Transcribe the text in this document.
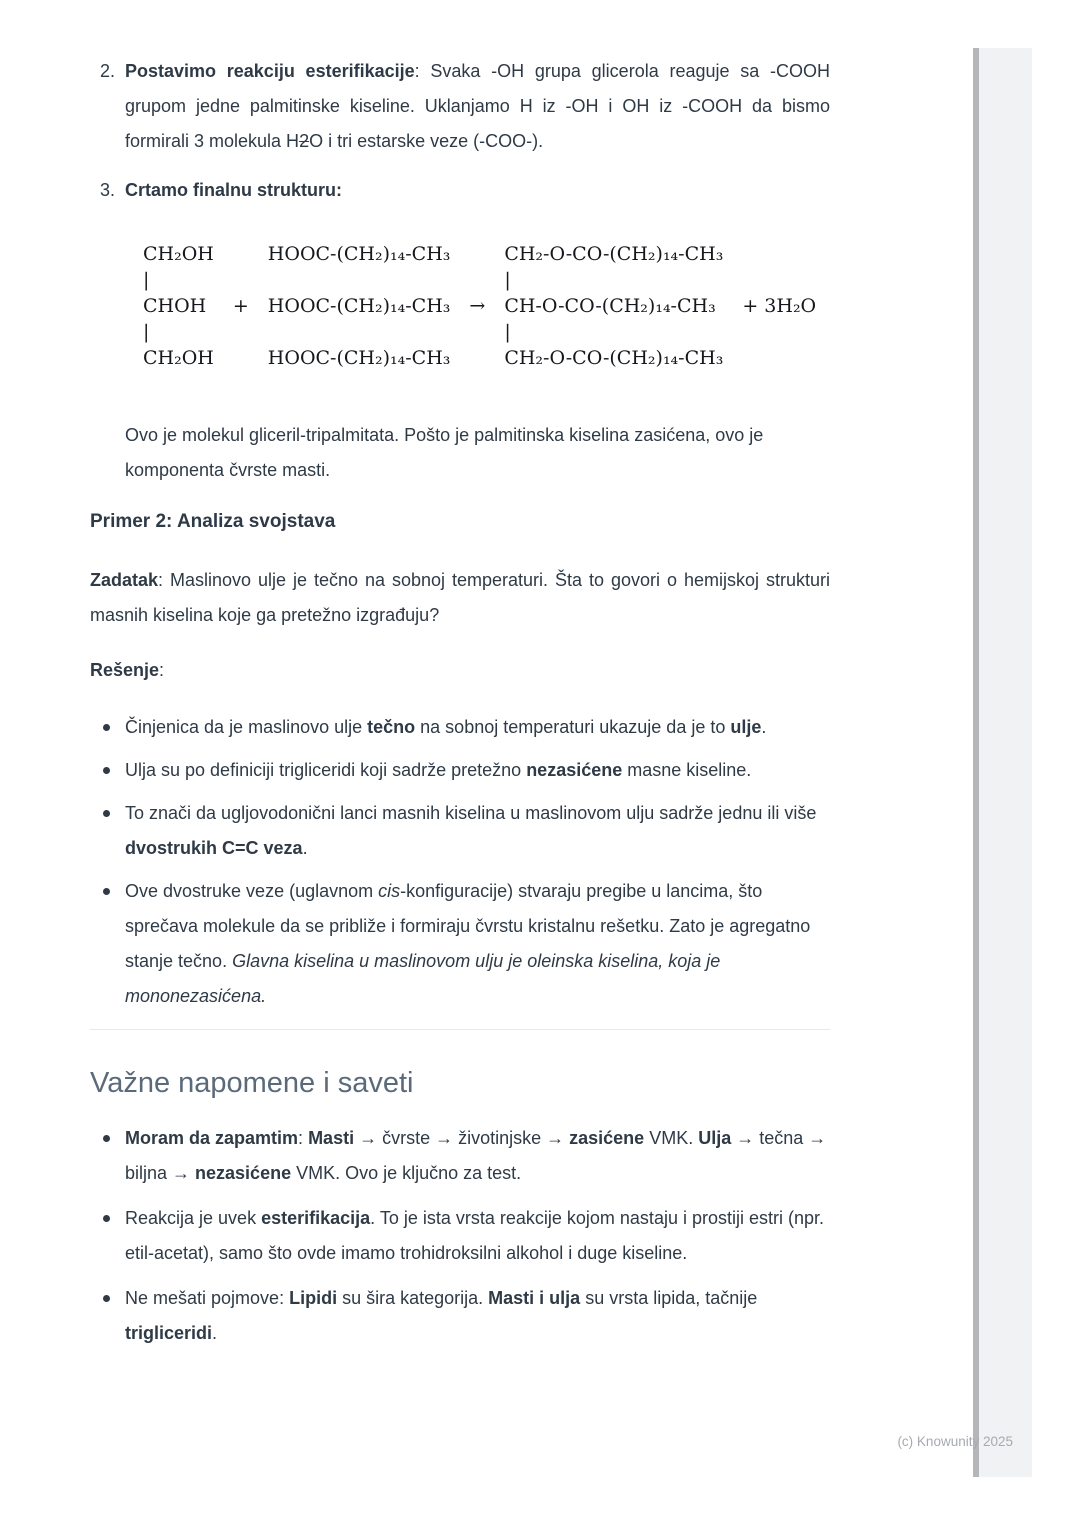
2. Postavimo reakciju esterifikacije: Svaka -OH grupa glicerola reaguje sa -COOH grupom jedne palmitinske kiseline. Uklanjamo H iz -OH i OH iz -COOH da bismo formirali 3 molekula H2O i tri estarske veze (-COO-).
3. Crtamo finalnu strukturu:
CH₂OH
|
CHOH
|
CH₂OH
+
HOOC-(CH₂)₁₄-CH₃
HOOC-(CH₂)₁₄-CH₃
HOOC-(CH₂)₁₄-CH₃
→
CH₂-O-CO-(CH₂)₁₄-CH₃
|
CH-O-CO-(CH₂)₁₄-CH₃
|
CH₂-O-CO-(CH₂)₁₄-CH₃
+ 3H₂O
Ovo je molekul gliceril-tripalmitata. Pošto je palmitinska kiselina zasićena, ovo je komponenta čvrste masti.
Primer 2: Analiza svojstava
Zadatak: Maslinovo ulje je tečno na sobnoj temperaturi. Šta to govori o hemijskoj strukturi masnih kiselina koje ga pretežno izgrađuju?
Rešenje:
Činjenica da je maslinovo ulje tečno na sobnoj temperaturi ukazuje da je to ulje.
Ulja su po definiciji trigliceridi koji sadrže pretežno nezasićene masne kiseline.
To znači da ugljovodonični lanci masnih kiselina u maslinovom ulju sadrže jednu ili više dvostrukih C=C veza.
Ove dvostruke veze (uglavnom cis-konfiguracije) stvaraju pregibe u lancima, što sprečava molekule da se približe i formiraju čvrstu kristalnu rešetku. Zato je agregatno stanje tečno. Glavna kiselina u maslinovom ulju je oleinska kiselina, koja je mononezasićena.
Važne napomene i saveti
Moram da zapamtim: Masti → čvrste → životinjske → zasićene VMK. Ulja → tečna → biljna → nezasićene VMK. Ovo je ključno za test.
Reakcija je uvek esterifikacija. To je ista vrsta reakcije kojom nastaju i prostiji estri (npr. etil-acetat), samo što ovde imamo trohidroksilni alkohol i duge kiseline.
Ne mešati pojmove: Lipidi su šira kategorija. Masti i ulja su vrsta lipida, tačnije trigliceridi.
(c) Knowunity 2025
